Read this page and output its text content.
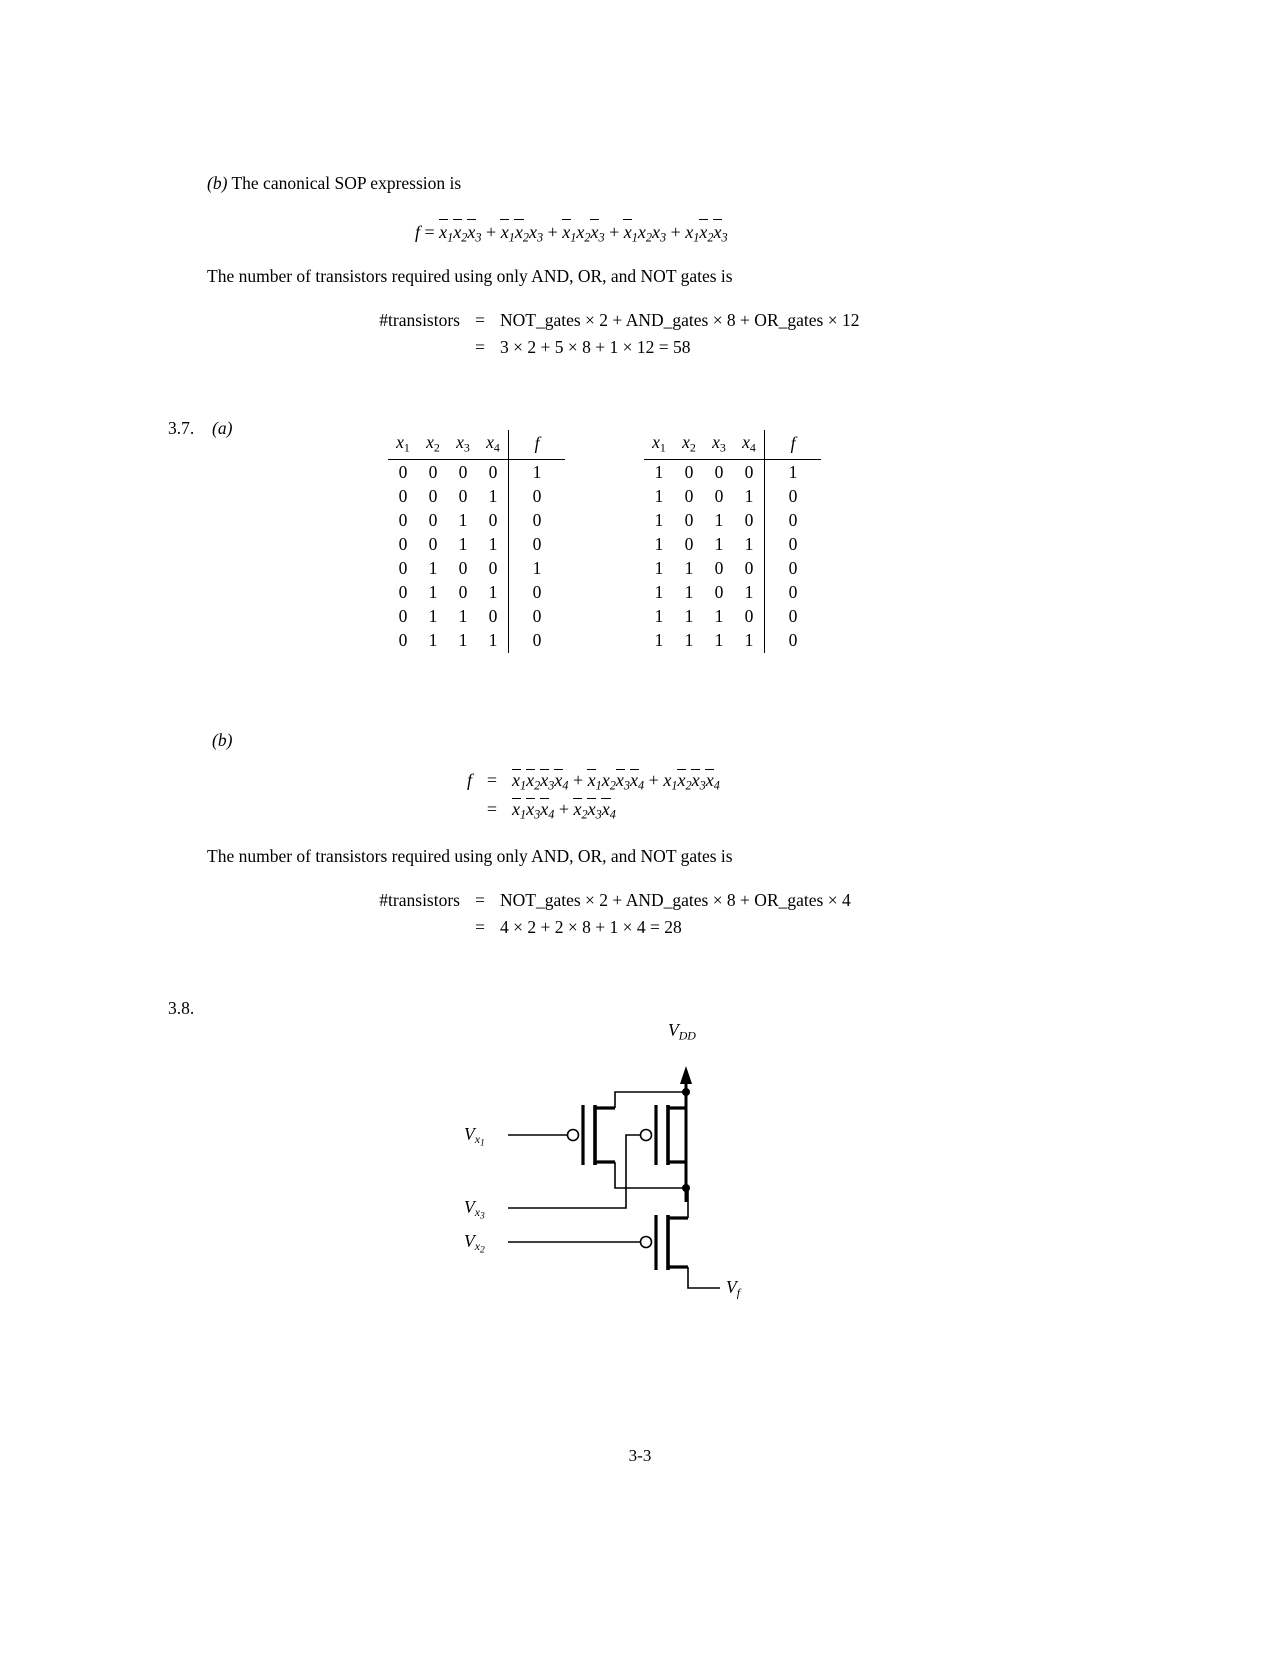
(b) The canonical SOP expression is
$f = x_1x_2x_3 + x_1x_2x_3 + x_1x_2x_3 + x_1x_2x_3 + x_1x_2x_3$
The number of transistors required using only AND, OR, and NOT gates is
#transistors = NOT_gates × 2 + AND_gates × 8 + OR_gates × 12
= 3 × 2 + 5 × 8 + 1 × 12 = 58
3.7. (a)
$x_1$	$x_2$	$x_3$	$x_4$	f

0	0	0	0	1
0	0	0	1	0
0	0	1	0	0
0	0	1	1	0
0	1	0	0	1
0	1	0	1	0
0	1	1	0	0
0	1	1	1	0
$x_1$	$x_2$	$x_3$	$x_4$	f

1	0	0	0	1
1	0	0	1	0
1	0	1	0	0
1	0	1	1	0
1	1	0	0	0
1	1	0	1	0
1	1	1	0	0
1	1	1	1	0
(b)
$f = x_1x_2x_3x_4 + x_1x_2x_3x_4 + x_1x_2x_3x_4$
= $x_1x_3x_4 + x_2x_3x_4$
The number of transistors required using only AND, OR, and NOT gates is
#transistors = NOT_gates × 2 + AND_gates × 8 + OR_gates × 4
= 4 × 2 + 2 × 8 + 1 × 4 = 28
3.8.
$V_{DD}$
$V_{x_1}$
$V_{x_3}$
$V_{x_2}$
$V_f$
3-3
